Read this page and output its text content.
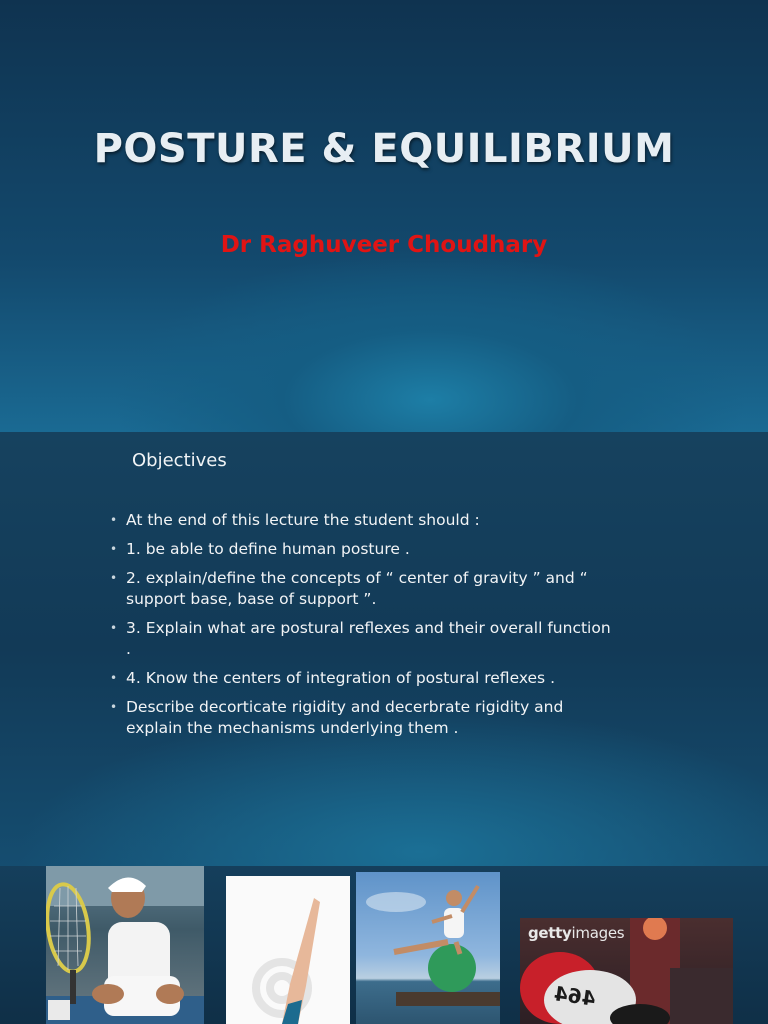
POSTURE & EQUILIBRIUM
Dr Raghuveer Choudhary
Objectives
• At the end of this lecture the student should :
• 1. be able to define human posture .
• 2. explain/define the concepts of “ center of gravity ” and “ support base, base of support ”.
• 3. Explain what are postural reflexes and their overall function .
• 4. Know the centers of integration of postural reflexes .
• Describe decorticate rigidity and decerbrate rigidity and explain the mechanisms underlying them .
gettyimages
464
